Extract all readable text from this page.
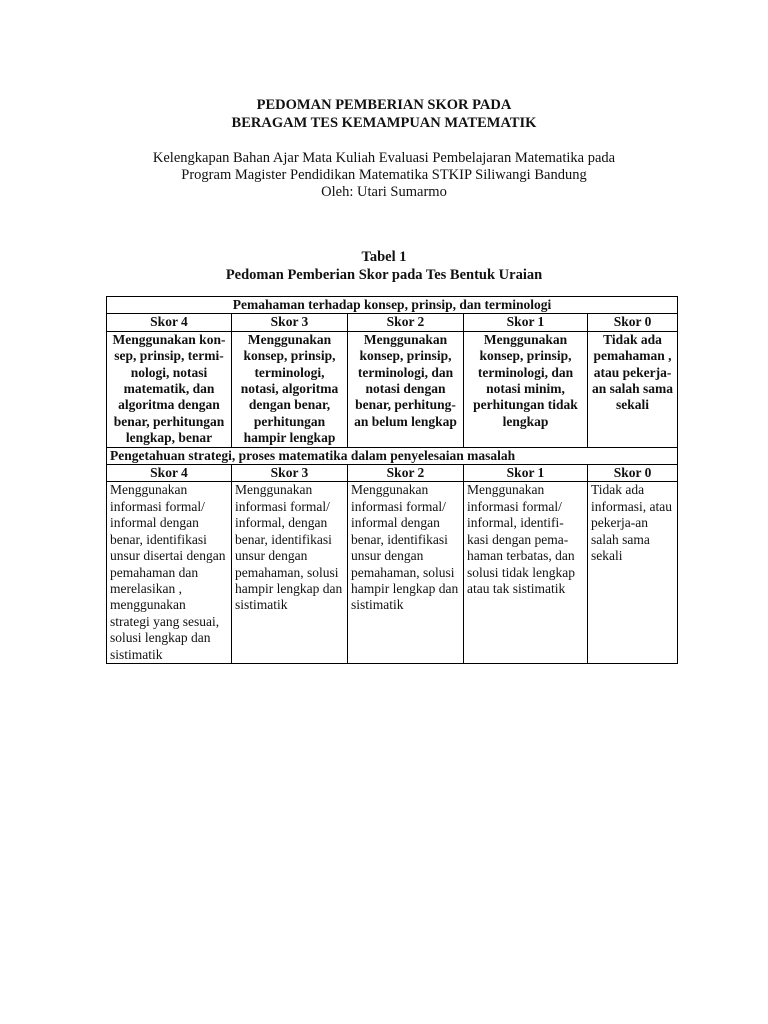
PEDOMAN PEMBERIAN SKOR PADA
BERAGAM TES KEMAMPUAN MATEMATIK
Kelengkapan Bahan Ajar Mata Kuliah Evaluasi Pembelajaran Matematika pada
Program Magister Pendidikan Matematika STKIP Siliwangi Bandung
Oleh: Utari Sumarmo
Tabel 1
Pedoman Pemberian Skor pada Tes Bentuk Uraian
Pemahaman terhadap konsep, prinsip, dan terminologi				
Skor 4	Skor 3	Skor 2	Skor 1	Skor 0
Menggunakan kon-sep, prinsip, termi-nologi, notasi matematik, dan algoritma dengan benar, perhitungan lengkap, benar	Menggunakan konsep, prinsip, terminologi, notasi, algoritma dengan benar, perhitungan hampir lengkap	Menggunakan konsep, prinsip, terminologi, dan notasi dengan benar, perhitung-an belum lengkap	Menggunakan konsep, prinsip, terminologi, dan notasi minim, perhitungan tidak lengkap	Tidak ada pemahaman , atau pekerja- an salah sama sekali
Pengetahuan strategi, proses matematika dalam penyelesaian masalah				
Skor 4	Skor 3	Skor 2	Skor 1	Skor 0
Menggunakan informasi formal/ informal dengan benar, identifikasi unsur disertai dengan pemahaman dan merelasikan , menggunakan strategi yang sesuai, solusi lengkap dan sistimatik	Menggunakan informasi formal/ informal, dengan benar, identifikasi unsur dengan pemahaman, solusi hampir lengkap dan sistimatik	Menggunakan informasi formal/ informal dengan benar, identifikasi unsur dengan pemahaman, solusi hampir lengkap dan sistimatik	Menggunakan informasi formal/ informal, identifi-kasi dengan pema-haman terbatas, dan solusi tidak lengkap atau tak sistimatik	Tidak ada informasi, atau pekerja-an salah sama sekali
